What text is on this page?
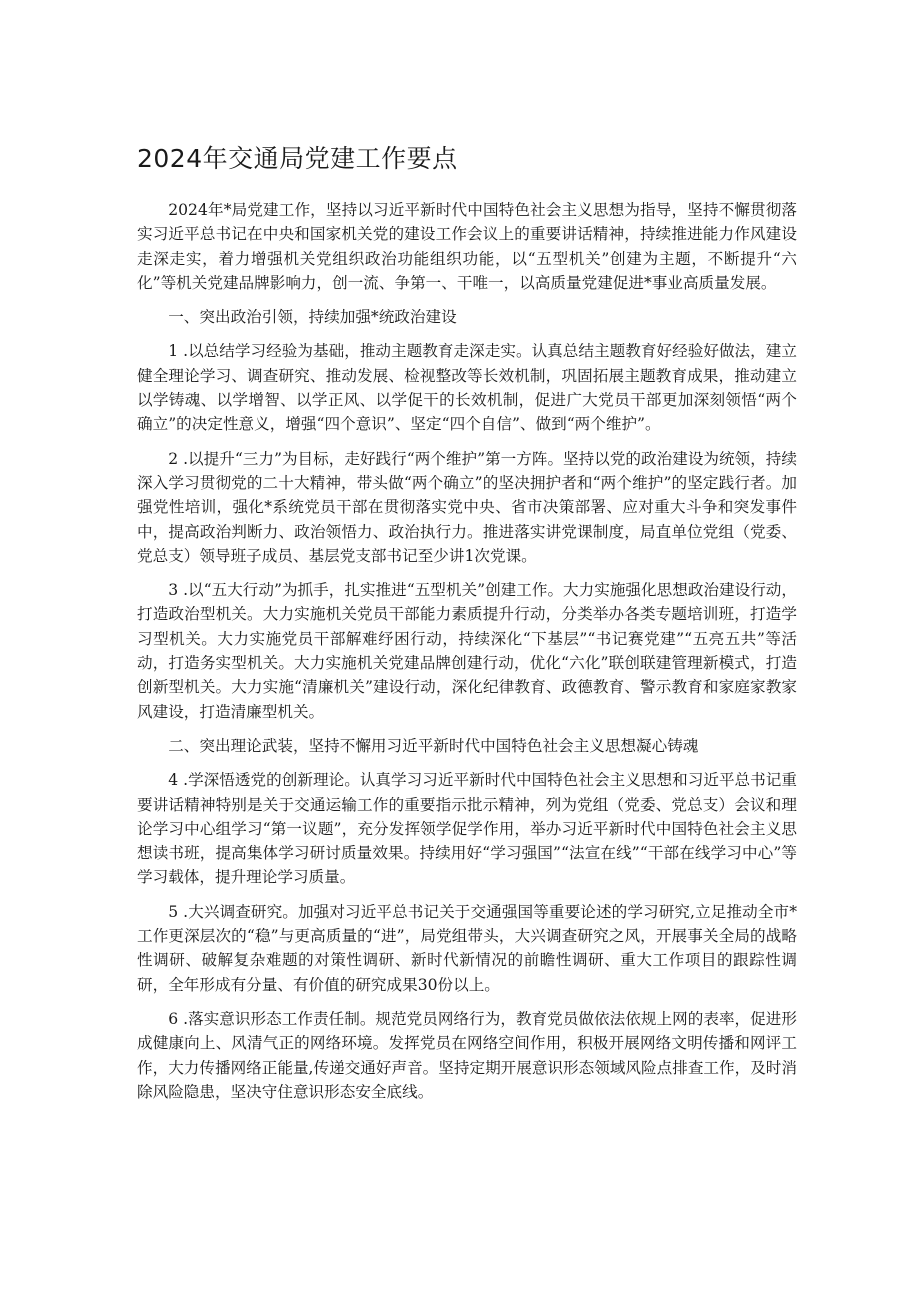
2024年交通局党建工作要点

2024年*局党建工作，坚持以习近平新时代中国特色社会主义思想为指导，坚持不懈贯彻落实习近平总书记在中央和国家机关党的建设工作会议上的重要讲话精神，持续推进能力作风建设走深走实，着力增强机关党组织政治功能组织功能，以“五型机关”创建为主题，不断提升“六化”等机关党建品牌影响力，创一流、争第一、干唯一，以高质量党建促进*事业高质量发展。

一、突出政治引领，持续加强*统政治建设

1 .以总结学习经验为基础，推动主题教育走深走实。认真总结主题教育好经验好做法，建立健全理论学习、调查研究、推动发展、检视整改等长效机制，巩固拓展主题教育成果，推动建立以学铸魂、以学增智、以学正风、以学促干的长效机制，促进广大党员干部更加深刻领悟“两个确立”的决定性意义，增强“四个意识”、坚定“四个自信”、做到“两个维护”。

2 .以提升“三力”为目标，走好践行“两个维护”第一方阵。坚持以党的政治建设为统领，持续深入学习贯彻党的二十大精神，带头做“两个确立”的坚决拥护者和“两个维护”的坚定践行者。加强党性培训，强化*系统党员干部在贯彻落实党中央、省市决策部署、应对重大斗争和突发事件中，提高政治判断力、政治领悟力、政治执行力。推进落实讲党课制度，局直单位党组（党委、党总支）领导班子成员、基层党支部书记至少讲1次党课。

3 .以“五大行动”为抓手，扎实推进“五型机关”创建工作。大力实施强化思想政治建设行动，打造政治型机关。大力实施机关党员干部能力素质提升行动，分类举办各类专题培训班，打造学习型机关。大力实施党员干部解难纾困行动，持续深化“下基层”“书记赛党建”“五亮五共”等活动，打造务实型机关。大力实施机关党建品牌创建行动，优化“六化”联创联建管理新模式，打造创新型机关。大力实施“清廉机关”建设行动，深化纪律教育、政德教育、警示教育和家庭家教家风建设，打造清廉型机关。

二、突出理论武装，坚持不懈用习近平新时代中国特色社会主义思想凝心铸魂

4 .学深悟透党的创新理论。认真学习习近平新时代中国特色社会主义思想和习近平总书记重要讲话精神特别是关于交通运输工作的重要指示批示精神，列为党组（党委、党总支）会议和理论学习中心组学习“第一议题”，充分发挥领学促学作用，举办习近平新时代中国特色社会主义思想读书班，提高集体学习研讨质量效果。持续用好“学习强国”“法宣在线”“干部在线学习中心”等学习载体，提升理论学习质量。

5 .大兴调查研究。加强对习近平总书记关于交通强国等重要论述的学习研究,立足推动全市*工作更深层次的“稳”与更高质量的“进”，局党组带头，大兴调查研究之风，开展事关全局的战略性调研、破解复杂难题的对策性调研、新时代新情况的前瞻性调研、重大工作项目的跟踪性调研，全年形成有分量、有价值的研究成果30份以上。

6 .落实意识形态工作责任制。规范党员网络行为，教育党员做依法依规上网的表率，促进形成健康向上、风清气正的网络环境。发挥党员在网络空间作用，积极开展网络文明传播和网评工作，大力传播网络正能量,传递交通好声音。坚持定期开展意识形态领域风险点排查工作，及时消除风险隐患，坚决守住意识形态安全底线。
